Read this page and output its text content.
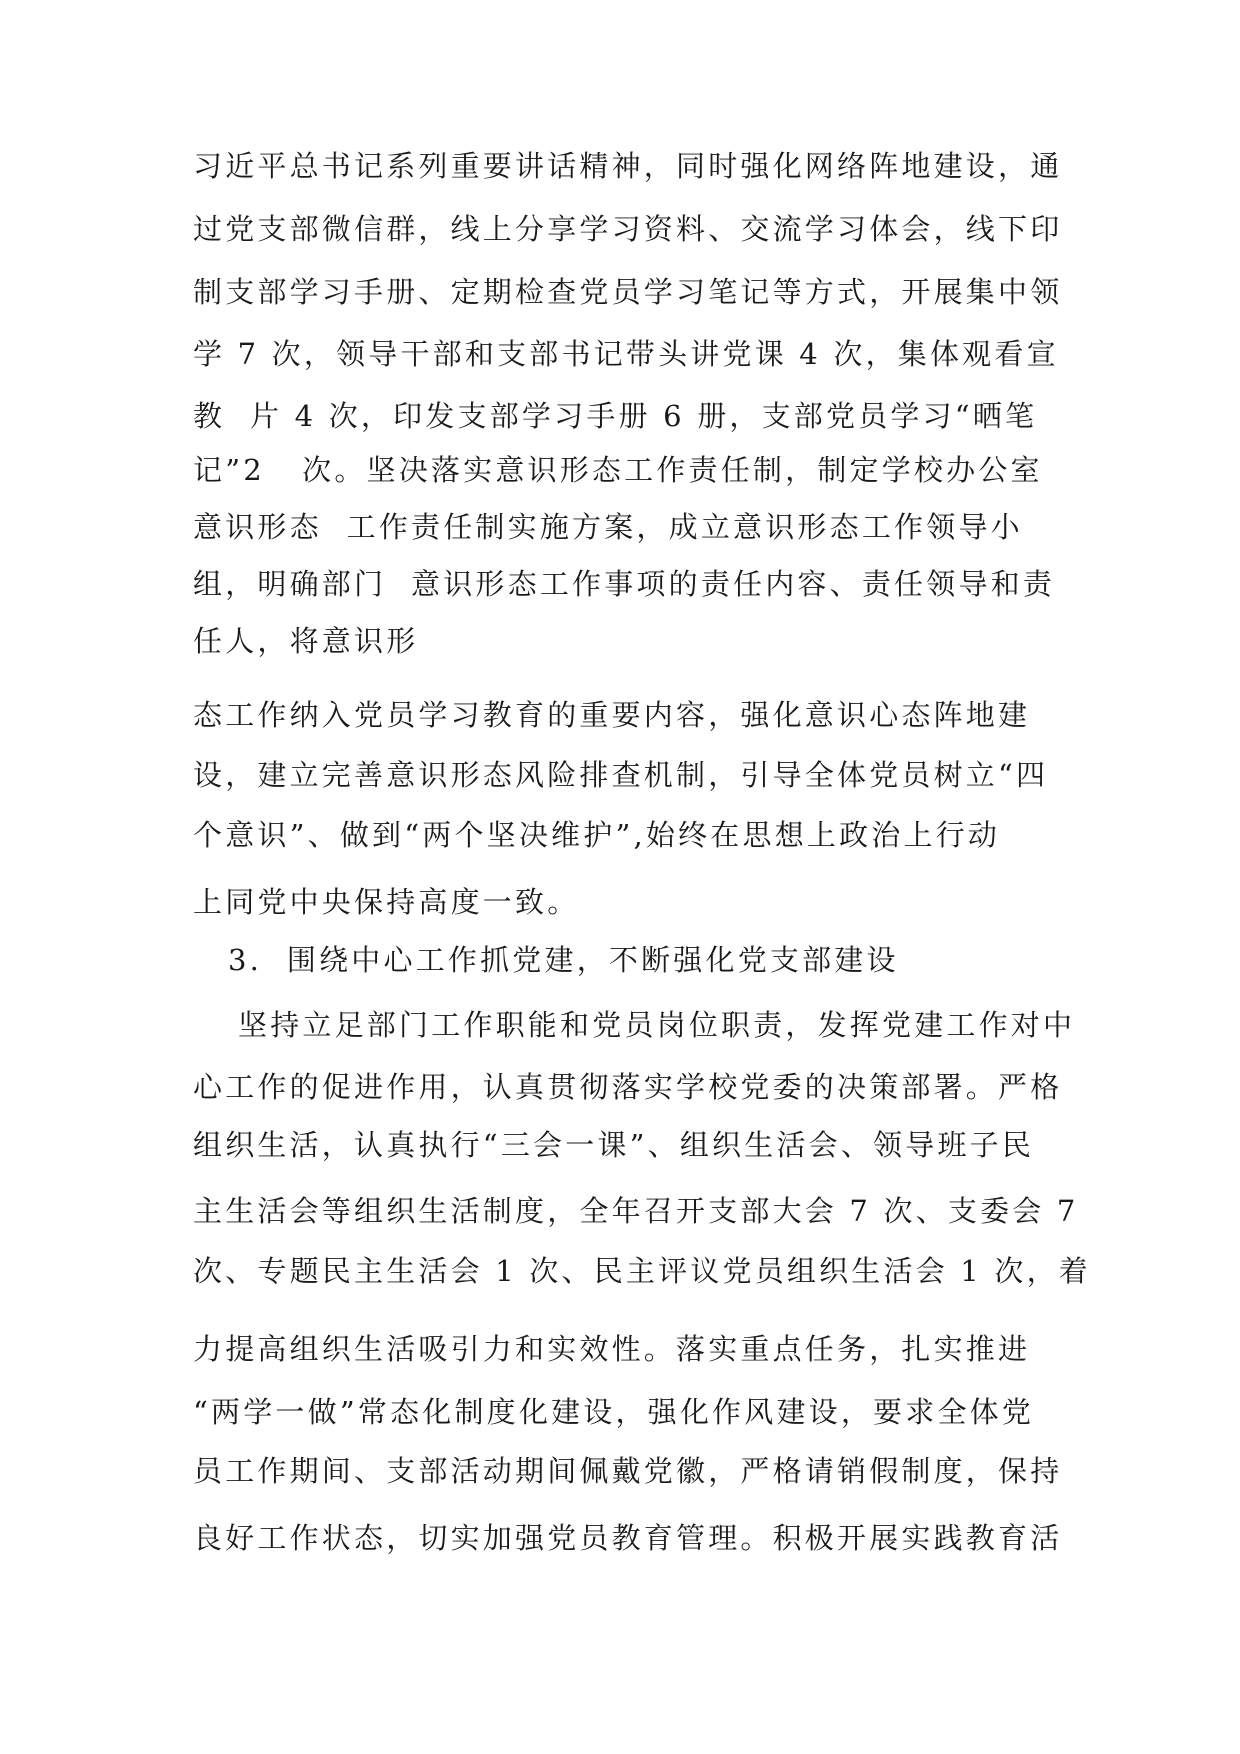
习近平总书记系列重要讲话精神，同时强化网络阵地建设，通
过党支部微信群，线上分享学习资料、交流学习体会，线下印
制支部学习手册、定期检查党员学习笔记等方式，开展集中领
学 7 次，领导干部和支部书记带头讲党课 4 次，集体观看宣
教  片 4 次，印发支部学习手册 6 册，支部党员学习“晒笔
记”2   次。坚决落实意识形态工作责任制，制定学校办公室
意识形态  工作责任制实施方案，成立意识形态工作领导小
组，明确部门  意识形态工作事项的责任内容、责任领导和责
任人，将意识形
态工作纳入党员学习教育的重要内容，强化意识心态阵地建
设，建立完善意识形态风险排查机制，引导全体党员树立“四
个意识”、做到“两个坚决维护”,始终在思想上政治上行动
上同党中央保持高度一致。
3.  围绕中心工作抓党建，不断强化党支部建设
坚持立足部门工作职能和党员岗位职责，发挥党建工作对中
心工作的促进作用，认真贯彻落实学校党委的决策部署。严格
组织生活，认真执行“三会一课”、组织生活会、领导班子民
主生活会等组织生活制度，全年召开支部大会 7 次、支委会 7
次、专题民主生活会 1 次、民主评议党员组织生活会 1 次，着
力提高组织生活吸引力和实效性。落实重点任务，扎实推进
“两学一做”常态化制度化建设，强化作风建设，要求全体党
员工作期间、支部活动期间佩戴党徽，严格请销假制度，保持
良好工作状态，切实加强党员教育管理。积极开展实践教育活
